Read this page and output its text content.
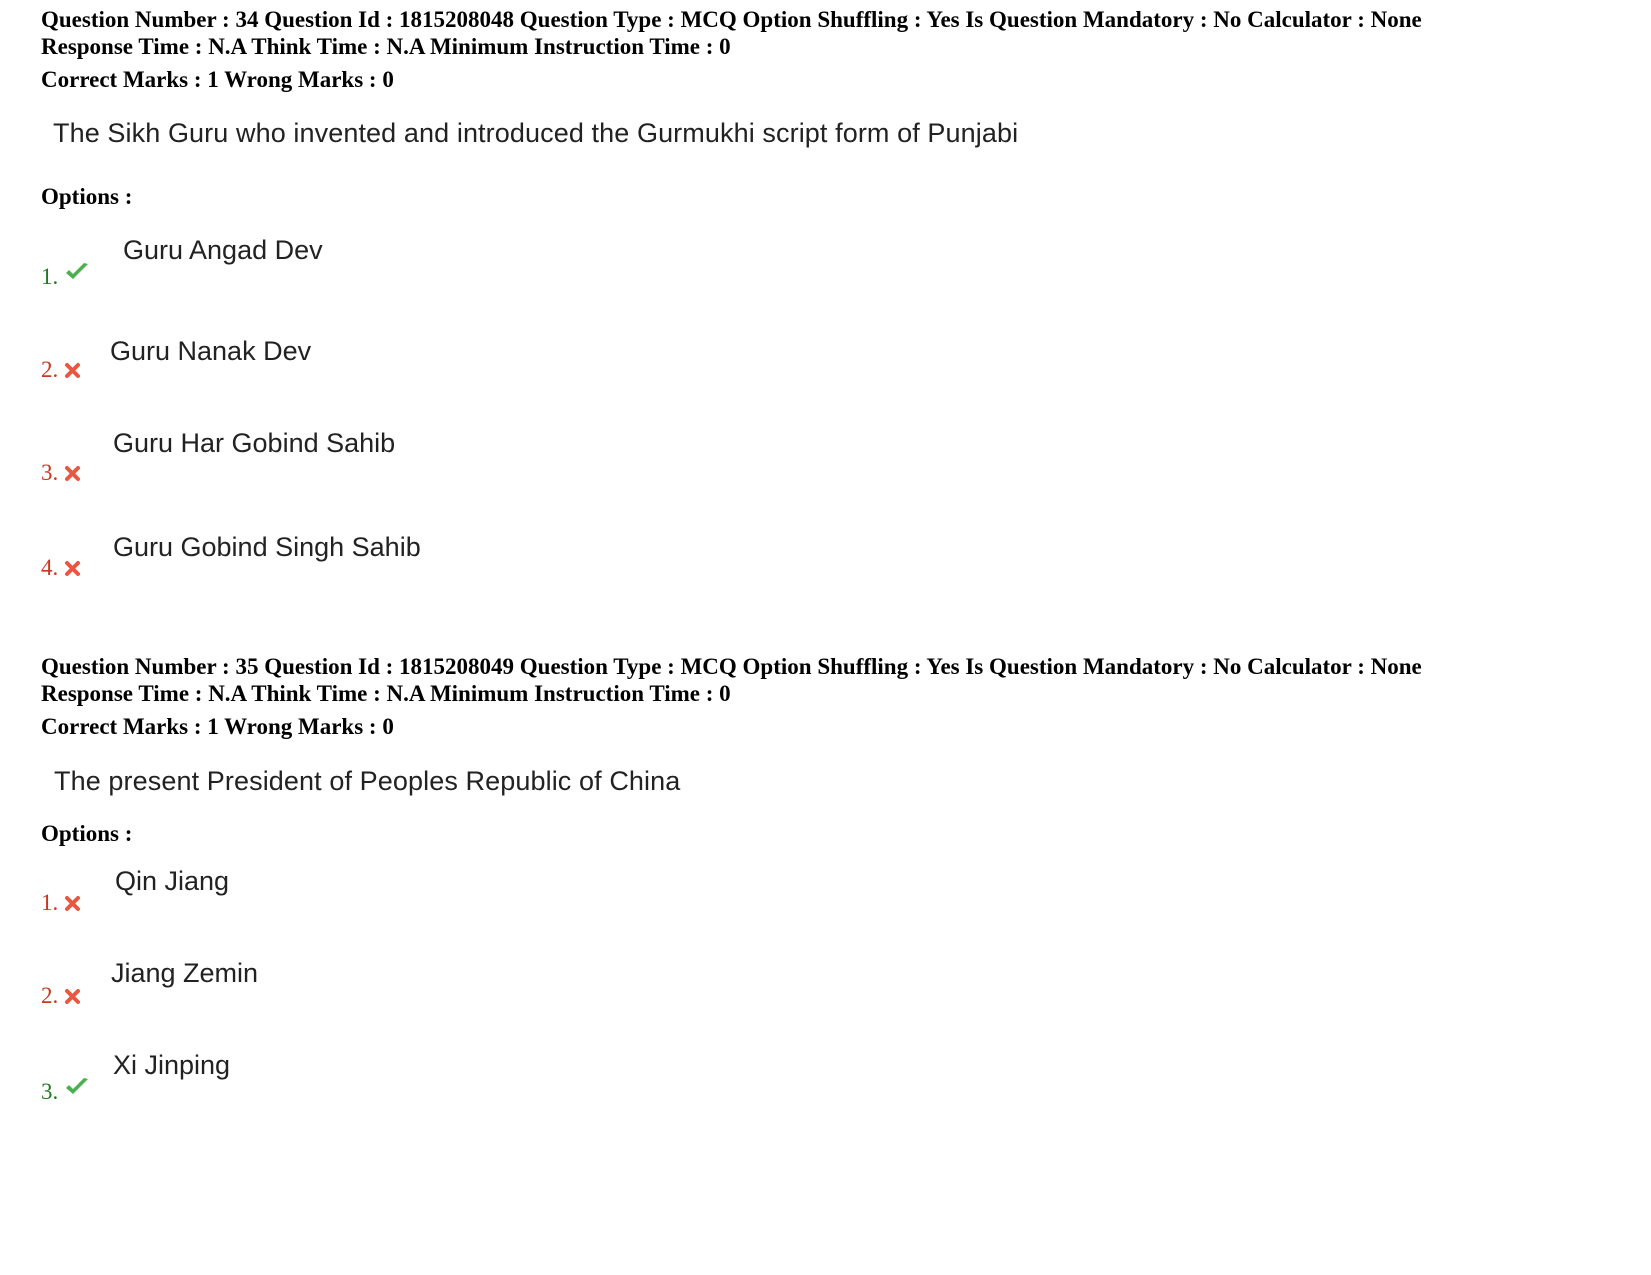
Question Number : 34 Question Id : 1815208048 Question Type : MCQ Option Shuffling : Yes Is Question Mandatory : No Calculator : None
Response Time : N.A Think Time : N.A Minimum Instruction Time : 0
Correct Marks : 1 Wrong Marks : 0
The Sikh Guru who invented and introduced the Gurmukhi script form of Punjabi
Options :
Guru Angad Dev
1.
Guru Nanak Dev
2.
Guru Har Gobind Sahib
3.
Guru Gobind Singh Sahib
4.
Question Number : 35 Question Id : 1815208049 Question Type : MCQ Option Shuffling : Yes Is Question Mandatory : No Calculator : None
Response Time : N.A Think Time : N.A Minimum Instruction Time : 0
Correct Marks : 1 Wrong Marks : 0
The present President of Peoples Republic of China
Options :
Qin Jiang
1.
Jiang Zemin
2.
Xi Jinping
3.
